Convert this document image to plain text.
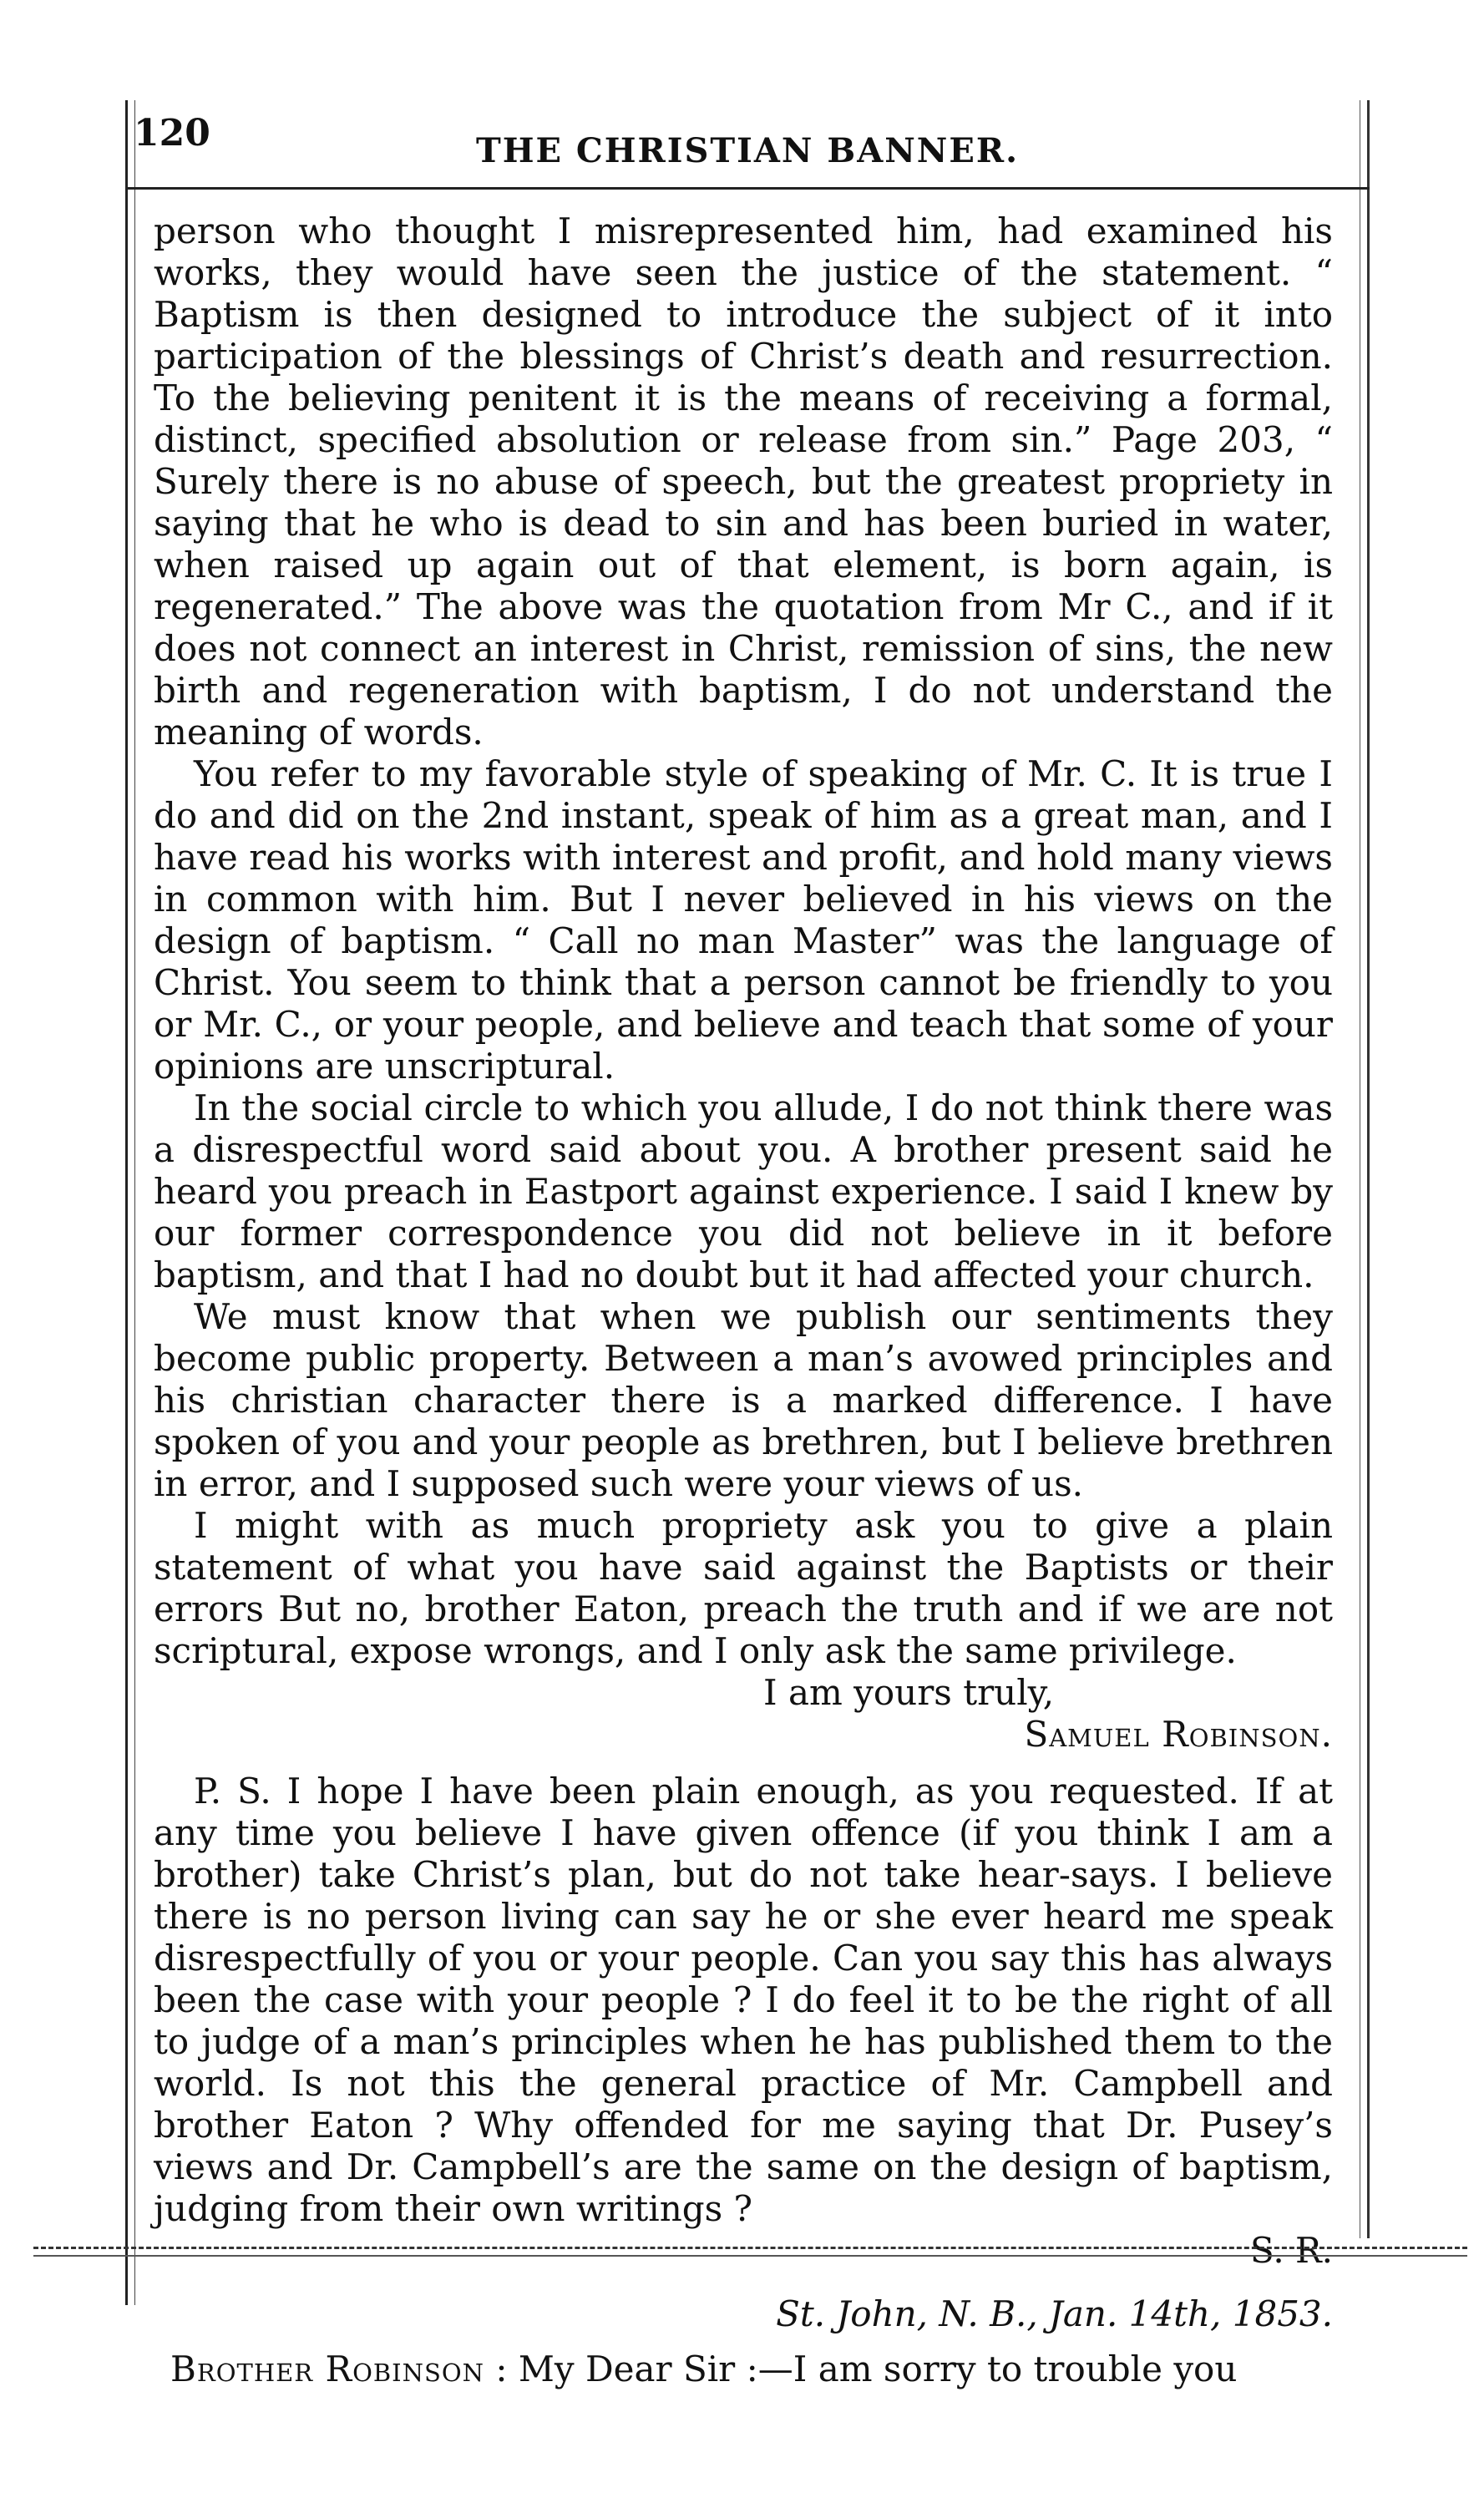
120	THE CHRISTIAN BANNER.

person who thought I misrepresented him, had examined his works, they would have seen the justice of the statement. “ Baptism is then designed to introduce the subject of it into participation of the blessings of Christ’s death and resurrection. To the believing penitent it is the means of receiving a formal, distinct, specified absolution or release from sin.” Page 203, “ Surely there is no abuse of speech, but the greatest propriety in saying that he who is dead to sin and has been buried in water, when raised up again out of that element, is born again, is regenerated.” The above was the quotation from Mr C., and if it does not connect an interest in Christ, remission of sins, the new birth and regeneration with baptism, I do not understand the meaning of words.

You refer to my favorable style of speaking of Mr. C. It is true I do and did on the 2nd instant, speak of him as a great man, and I have read his works with interest and profit, and hold many views in common with him. But I never believed in his views on the design of baptism. “ Call no man Master” was the language of Christ. You seem to think that a person cannot be friendly to you or Mr. C., or your people, and believe and teach that some of your opinions are unscriptural.

In the social circle to which you allude, I do not think there was a disrespectful word said about you. A brother present said he heard you preach in Eastport against experience. I said I knew by our former correspondence you did not believe in it before baptism, and that I had no doubt but it had affected your church.

We must know that when we publish our sentiments they become public property. Between a man’s avowed principles and his christian character there is a marked difference. I have spoken of you and your people as brethren, but I believe brethren in error, and I supposed such were your views of us.

I might with as much propriety ask you to give a plain statement of what you have said against the Baptists or their errors But no, brother Eaton, preach the truth and if we are not scriptural, expose wrongs, and I only ask the same privilege.

I am yours truly,

Samuel Robinson.

P. S. I hope I have been plain enough, as you requested. If at any time you believe I have given offence (if you think I am a brother) take Christ’s plan, but do not take hear-says. I believe there is no person living can say he or she ever heard me speak disrespectfully of you or your people. Can you say this has always been the case with your people ? I do feel it to be the right of all to judge of a man’s principles when he has published them to the world. Is not this the general practice of Mr. Campbell and brother Eaton ? Why offended for me saying that Dr. Pusey’s views and Dr. Campbell’s are the same on the design of baptism, judging from their own writings ?

S. R.

St. John, N. B., Jan. 14th, 1853.

Brother Robinson : My Dear Sir :—I am sorry to trouble you
